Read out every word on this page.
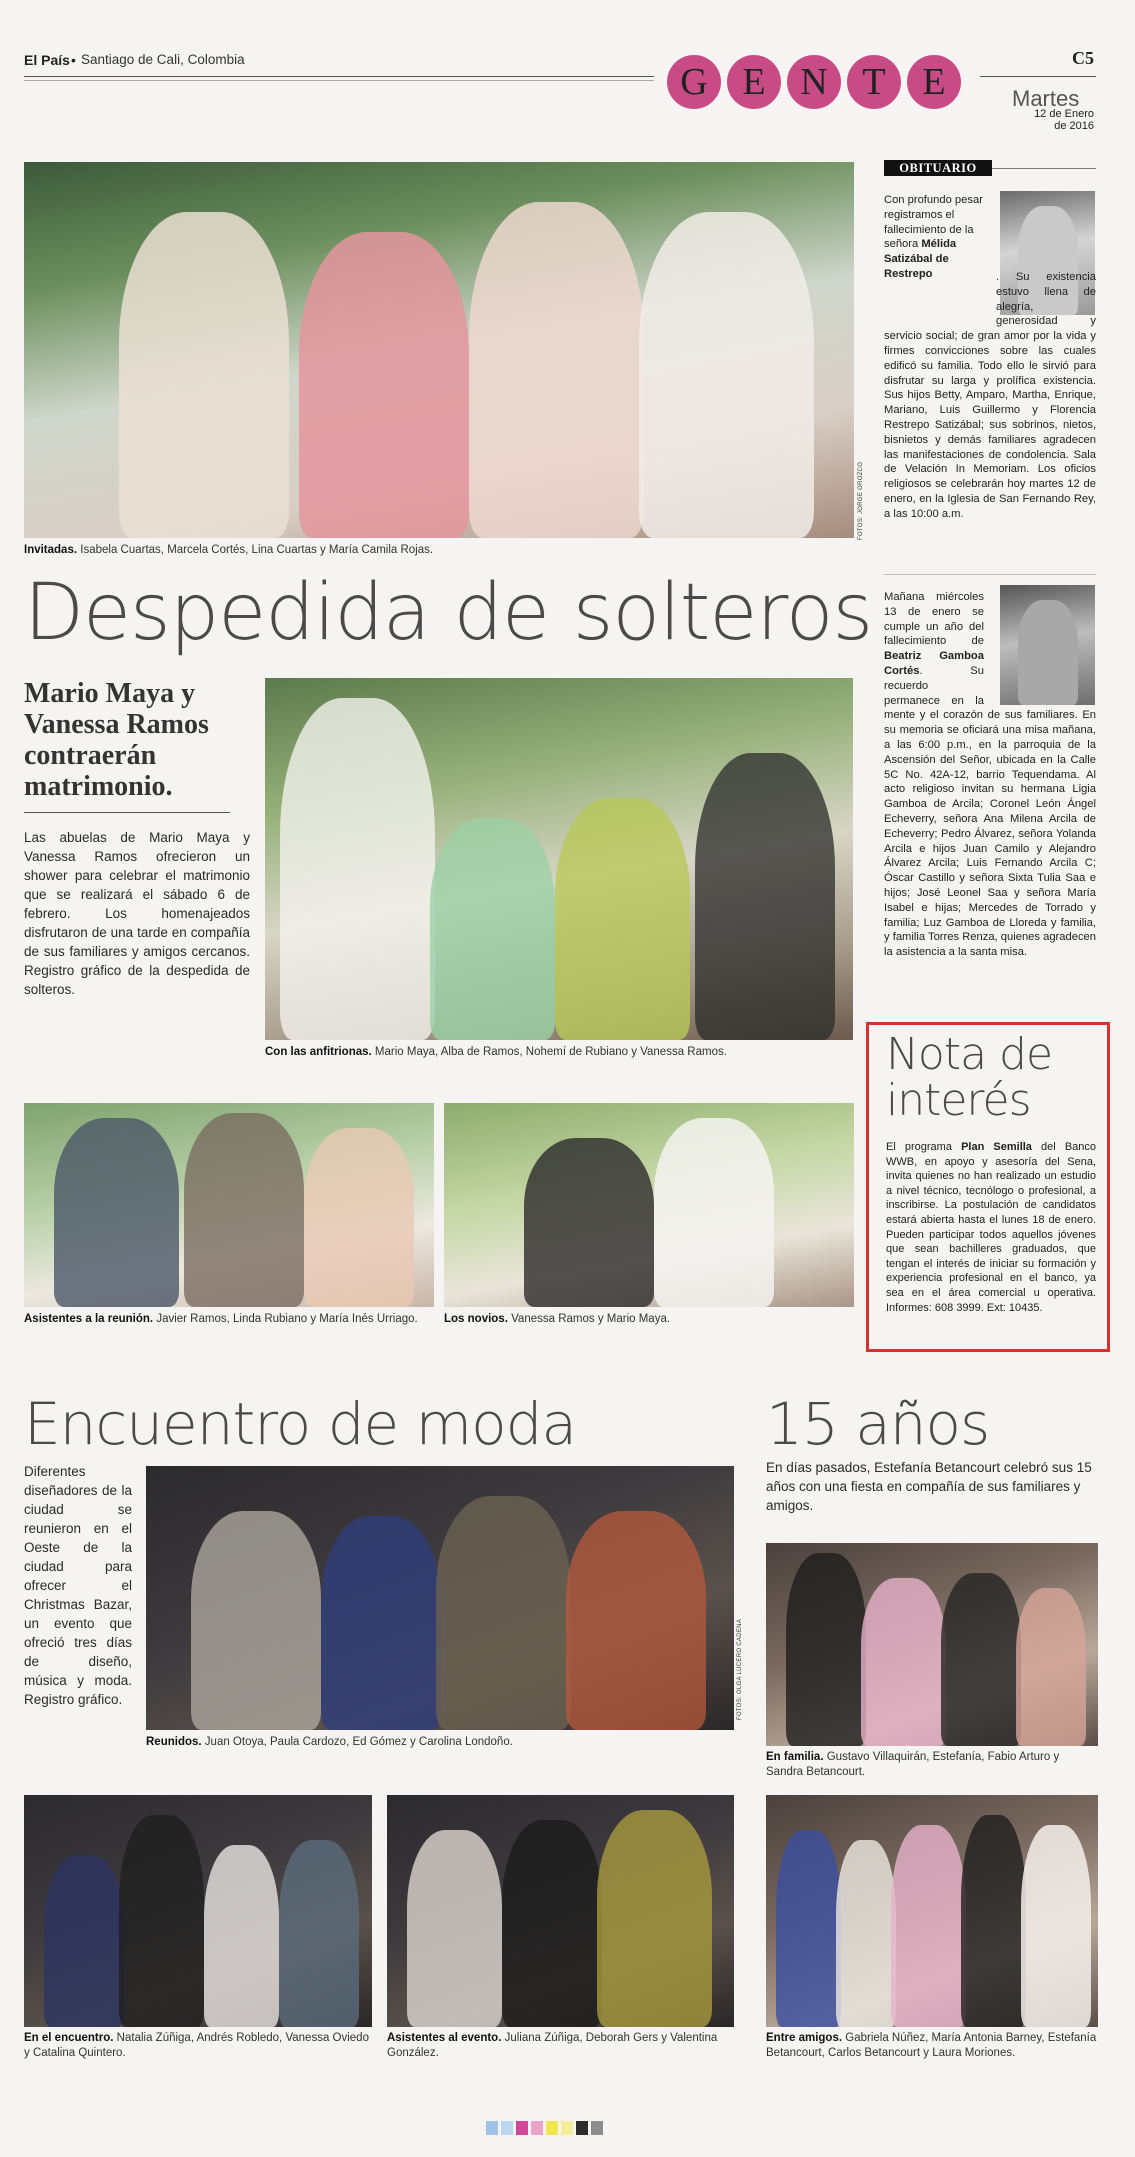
El País • Santiago de Cali, Colombia
G E N T E
C5
Martes
12 de Enero
de 2016
FOTOS: JORGE OROZCO
Invitadas. Isabela Cuartas, Marcela Cortés, Lina Cuartas y María Camila Rojas.
Despedida de solteros
Mario Maya y Vanessa Ramos contraerán matrimonio.
Las abuelas de Mario Maya y Vanessa Ramos ofrecieron un shower para celebrar el matrimonio que se realizará el sábado 6 de febrero. Los homenajeados disfrutaron de una tarde en compañía de sus familiares y amigos cercanos. Registro gráfico de la despedida de solteros.
Con las anfitrionas. Mario Maya, Alba de Ramos, Nohemí de Rubiano y Vanessa Ramos.
Asistentes a la reunión. Javier Ramos, Linda Rubiano y María Inés Urriago.	Los novios. Vanessa Ramos y Mario Maya.
OBITUARIO
Con profundo pesar registramos el fallecimiento de la señora Mélida Satizábal de Restrepo	. Su existencia estuvo llena de alegría, generosidad y servicio social; de gran amor por la vida y firmes convicciones sobre las cuales edificó su familia. Todo ello le sirvió para disfrutar su larga y prolífica existencia. Sus hijos Betty, Amparo, Martha, Enrique, Mariano, Luis Guillermo y Florencia Restrepo Satizábal; sus sobrinos, nietos, bisnietos y demás familiares agradecen las manifestaciones de condolencia. Sala de Velación In Memoriam. Los oficios religiosos se celebrarán hoy martes 12 de enero, en la Iglesia de San Fernando Rey, a las 10:00 a.m.
Mañana miércoles 13 de enero se cumple un año del fallecimiento de Beatriz Gamboa Cortés. Su recuerdo permanece en la mente y el corazón de sus familiares. En su memoria se oficiará una misa mañana, a las 6:00 p.m., en la parroquia de la Ascensión del Señor, ubicada en la Calle 5C No. 42A-12, barrio Tequendama. Al acto religioso invitan su hermana Ligia Gamboa de Arcila; Coronel León Ángel Echeverry, señora Ana Milena Arcila de Echeverry; Pedro Álvarez, señora Yolanda Arcila e hijos Juan Camilo y Alejandro Álvarez Arcila; Luis Fernando Arcila C; Óscar Castillo y señora Sixta Tulia Saa e hijos; José Leonel Saa y señora María Isabel e hijas; Mercedes de Torrado y familia; Luz Gamboa de Lloreda y familia, y familia Torres Renza, quienes agradecen la asistencia a la santa misa.
Nota de
interés
El programa Plan Semilla del Banco WWB, en apoyo y asesoría del Sena, invita quienes no han realizado un estudio a nivel técnico, tecnólogo o profesional, a inscribirse. La postulación de candidatos estará abierta hasta el lunes 18 de enero. Pueden participar todos aquellos jóvenes que sean bachilleres graduados, que tengan el interés de iniciar su formación y experiencia profesional en el banco, ya sea en el área comercial u operativa. Informes: 608 3999. Ext: 10435.
Encuentro de moda
Diferentes diseñadores de la ciudad se reunieron en el Oeste de la ciudad para ofrecer el Christmas Bazar, un evento que ofreció tres días de diseño, música y moda. Registro gráfico.	FOTOS: OLGA LUCERO CADENA
Reunidos. Juan Otoya, Paula Cardozo, Ed Gómez y Carolina Londoño.
En el encuentro. Natalia Zúñiga, Andrés Robledo, Vanessa Oviedo y Catalina Quintero.
Asistentes al evento. Juliana Zúñiga, Deborah Gers y Valentina González.
15 años
En días pasados, Estefanía Betancourt celebró sus 15 años con una fiesta en compañía de sus familiares y amigos.
En familia. Gustavo Villaquirán, Estefanía, Fabio Arturo y Sandra Betancourt.
Entre amigos. Gabriela Núñez, María Antonia Barney, Estefanía Betancourt, Carlos Betancourt y Laura Moriones.
